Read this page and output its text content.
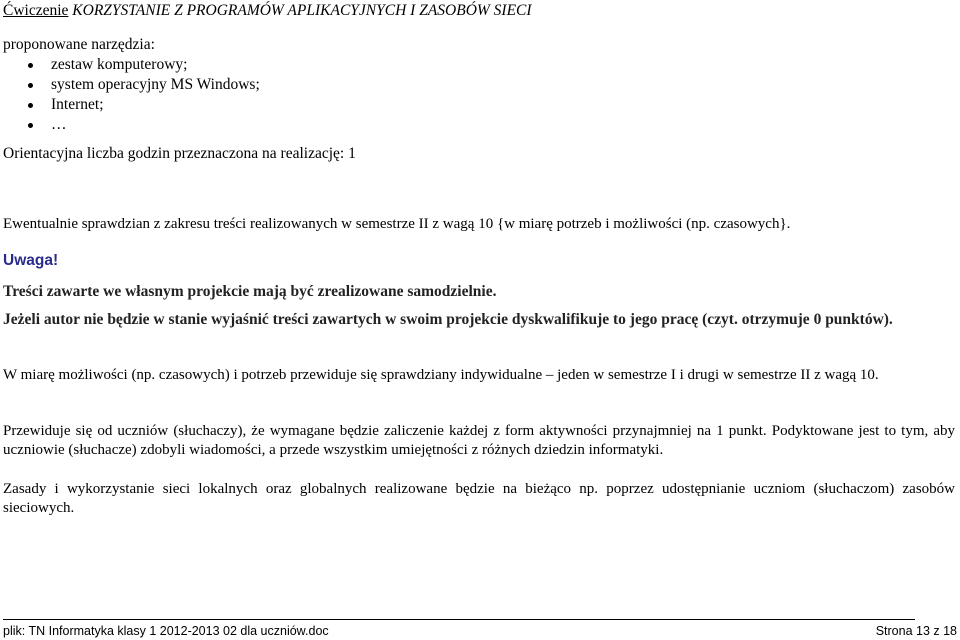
Ćwiczenie KORZYSTANIE Z PROGRAMÓW APLIKACYJNYCH I ZASOBÓW SIECI
proponowane narzędzia:
zestaw komputerowy;
system operacyjny MS Windows;
Internet;
…
Orientacyjna liczba godzin przeznaczona na realizację: 1
Ewentualnie sprawdzian z zakresu treści realizowanych w semestrze II z wagą 10 {w miarę potrzeb i możliwości (np. czasowych}.
Uwaga!
Treści zawarte we własnym projekcie mają być zrealizowane samodzielnie.
Jeżeli autor nie będzie w stanie wyjaśnić treści zawartych w swoim projekcie dyskwalifikuje to jego pracę (czyt. otrzymuje 0 punktów).
W miarę możliwości (np. czasowych) i potrzeb przewiduje się sprawdziany indywidualne – jeden w semestrze I i drugi w semestrze II z wagą 10.
Przewiduje się od uczniów (słuchaczy), że wymagane będzie zaliczenie każdej z form aktywności przynajmniej na 1 punkt. Podyktowane jest to tym, aby uczniowie (słuchacze) zdobyli wiadomości, a przede wszystkim umiejętności z różnych dziedzin informatyki.
Zasady i wykorzystanie sieci lokalnych oraz globalnych realizowane będzie na bieżąco np. poprzez udostępnianie uczniom (słuchaczom) zasobów sieciowych.
plik: TN Informatyka klasy 1 2012-2013 02 dla uczniów.doc	Strona 13 z 18
